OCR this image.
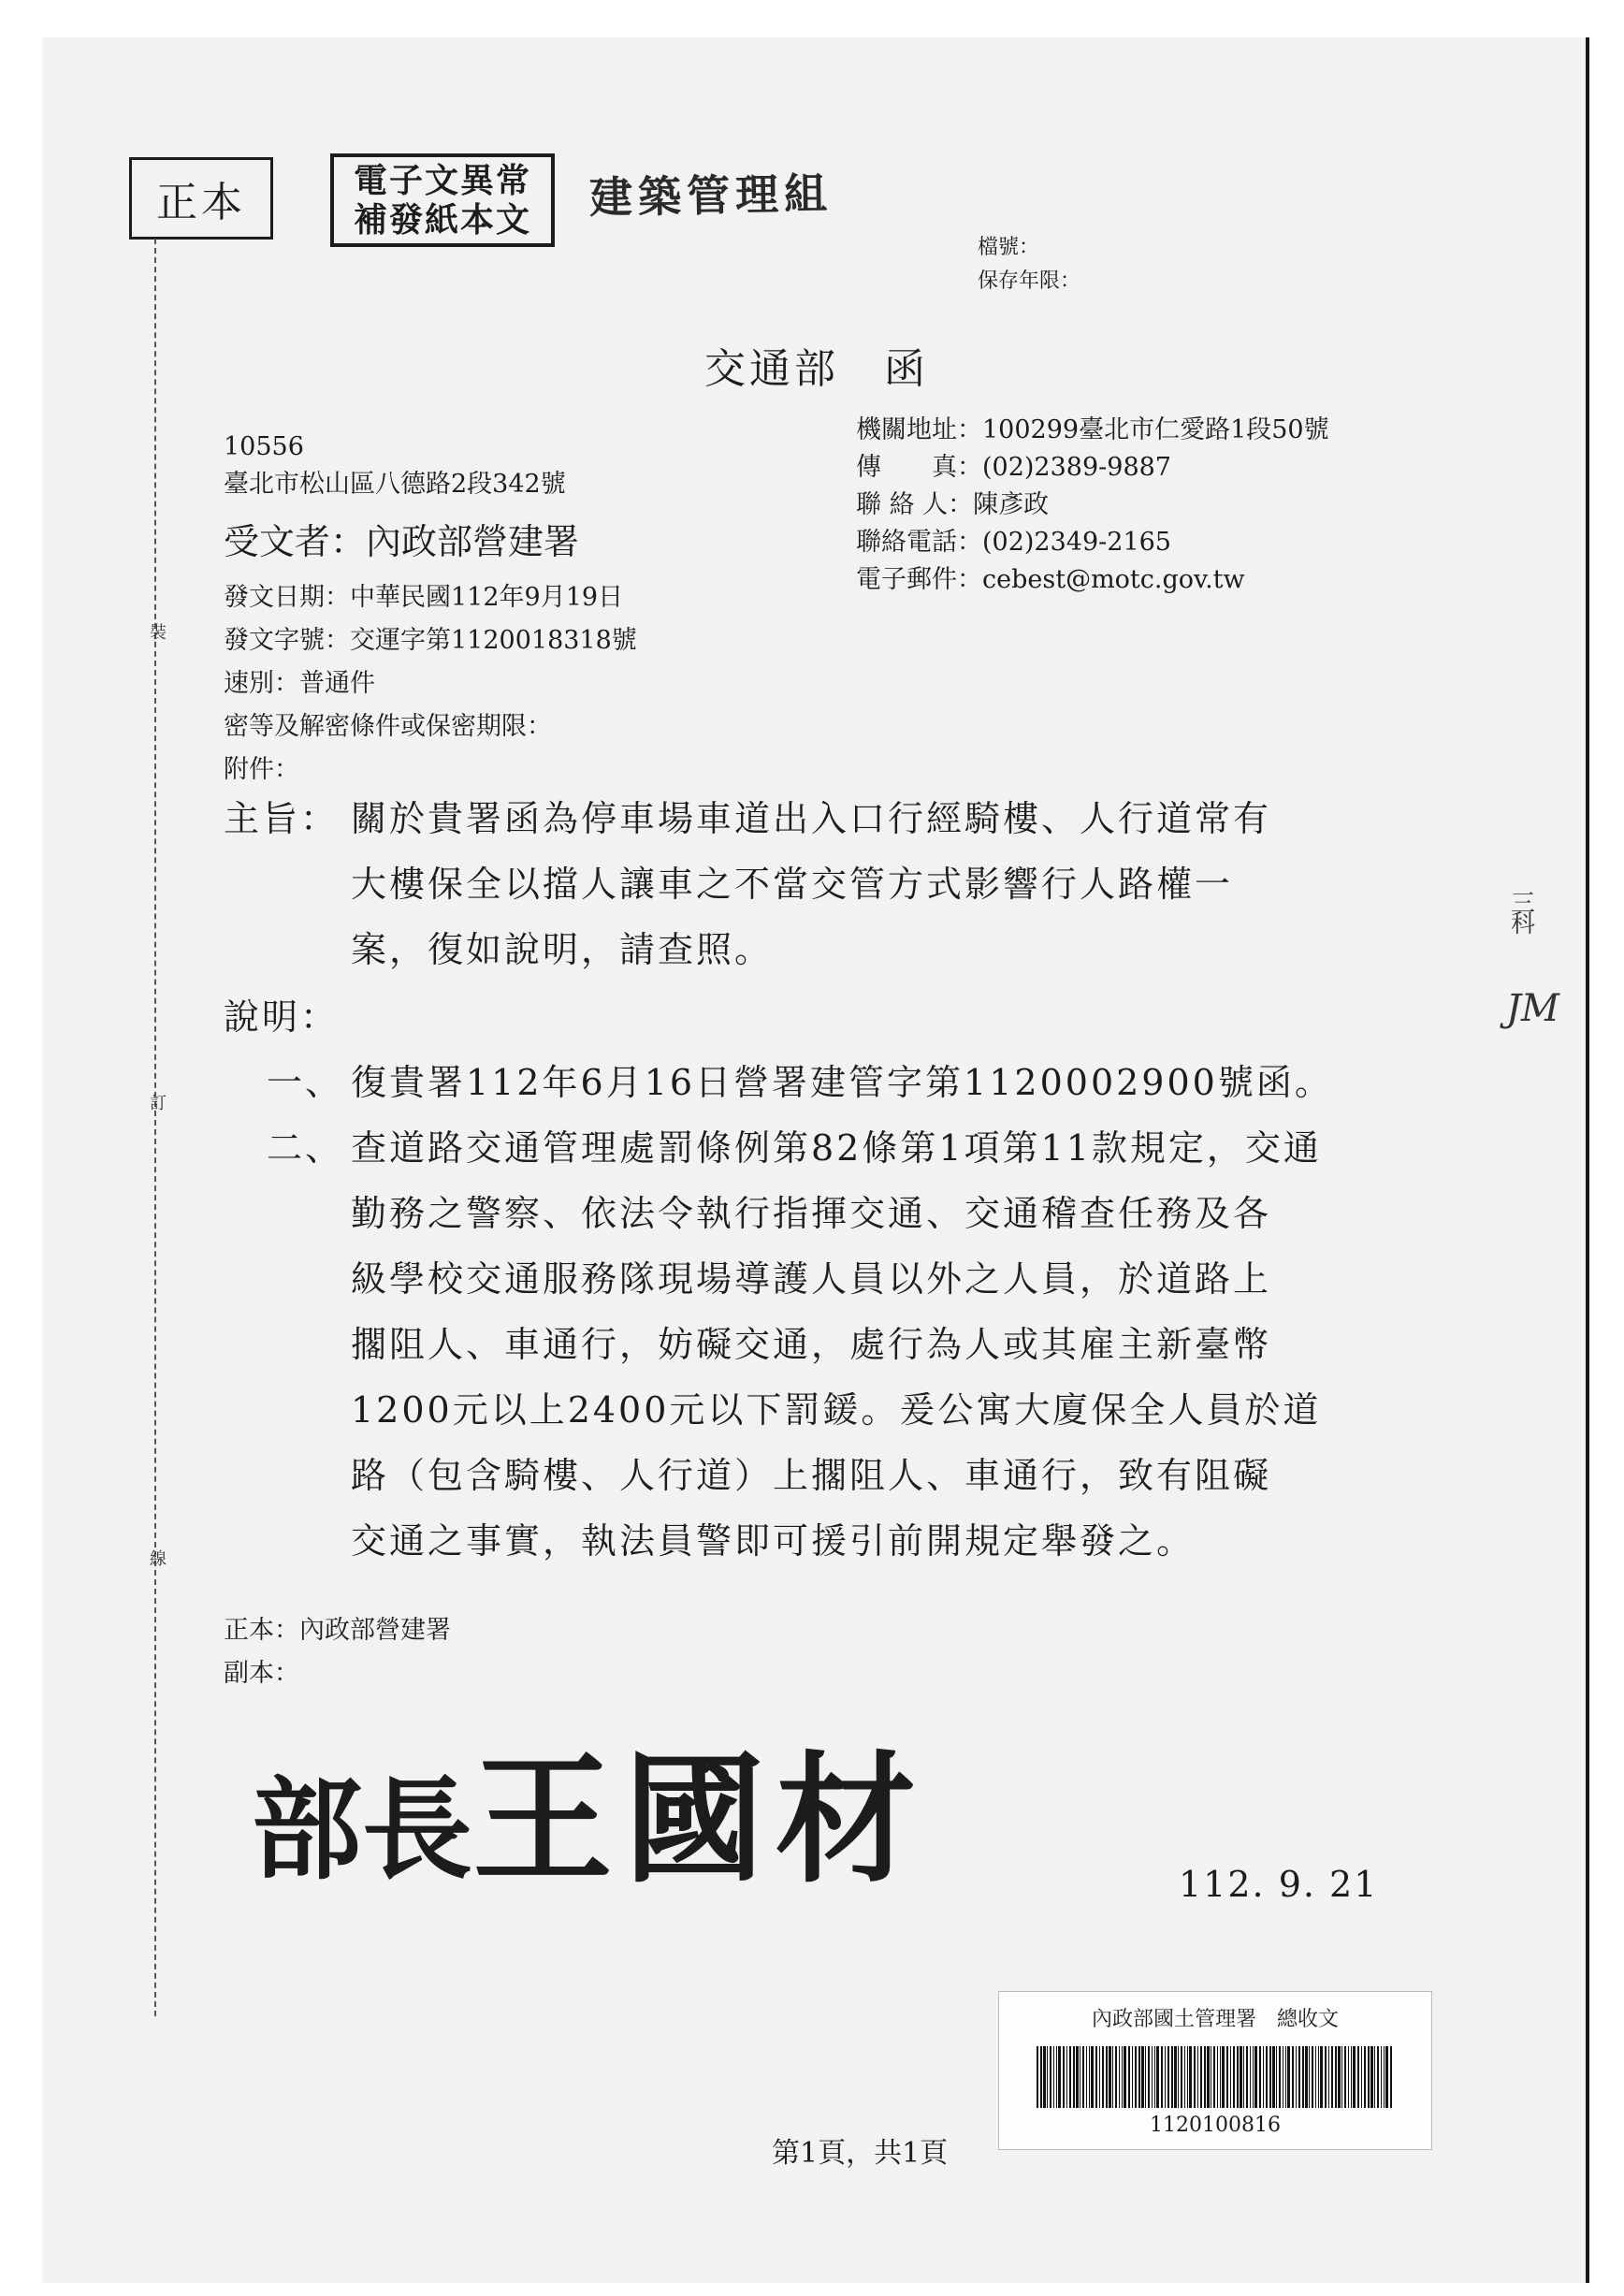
正本	電子文異常
補發紙本文 建築管理組
檔號：
保存年限：
裝
訂
線
交通部　函
10556
臺北市松山區八德路2段342號
受文者：內政部營建署
機關地址：100299臺北市仁愛路1段50號
傳　　真：(02)2389-9887
聯 絡 人：陳彥政
聯絡電話：(02)2349-2165
電子郵件：cebest@motc.gov.tw
發文日期：中華民國112年9月19日
發文字號：交運字第1120018318號
速別：普通件
密等及解密條件或保密期限：
附件：
主旨： 關於貴署函為停車場車道出入口行經騎樓、人行道常有
大樓保全以擋人讓車之不當交管方式影響行人路權一
案，復如說明，請查照。
說明：
一、 復貴署112年6月16日營署建管字第1120002900號函。
二、 查道路交通管理處罰條例第82條第1項第11款規定，交通
勤務之警察、依法令執行指揮交通、交通稽查任務及各
級學校交通服務隊現場導護人員以外之人員，於道路上
擱阻人、車通行，妨礙交通，處行為人或其雇主新臺幣
1200元以上2400元以下罰鍰。爰公寓大廈保全人員於道
路（包含騎樓、人行道）上擱阻人、車通行，致有阻礙
交通之事實，執法員警即可援引前開規定舉發之。
正本：內政部營建署
副本：
部長王國材	112. 9. 21
內政部國土管理署　總收文
1120100816
第1頁，共1頁
三科
JM
